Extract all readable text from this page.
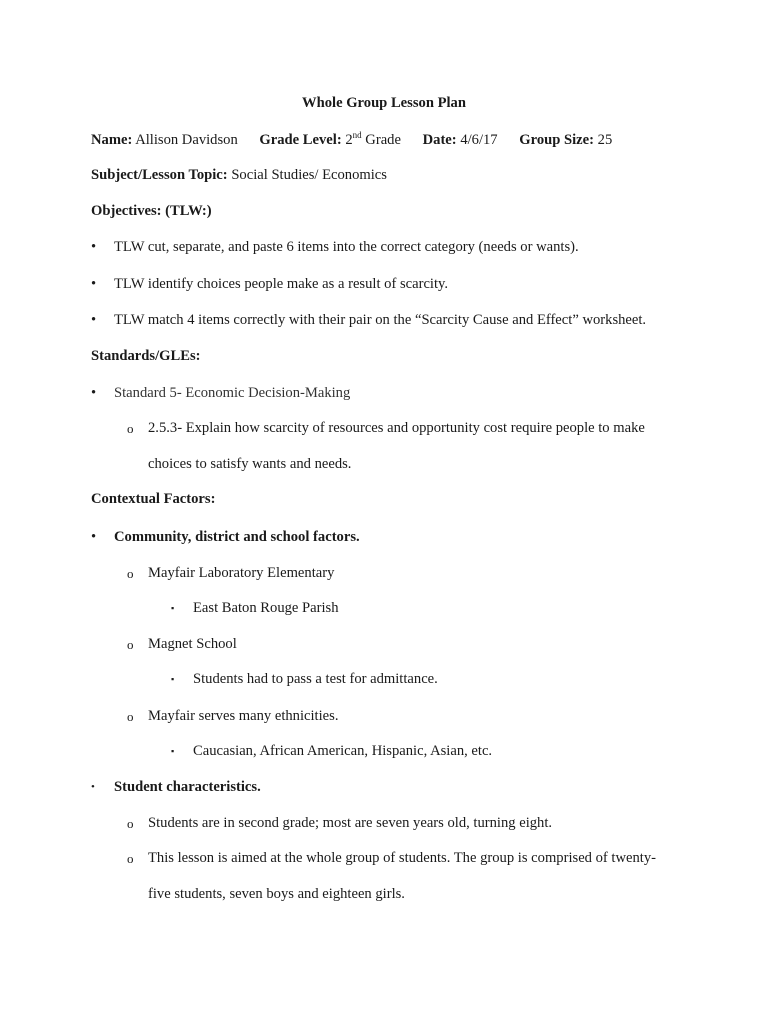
Whole Group Lesson Plan
Name: Allison Davidson Grade Level: 2nd Grade Date: 4/6/17 Group Size: 25
Subject/Lesson Topic: Social Studies/ Economics
Objectives: (TLW:)
• TLW cut, separate, and paste 6 items into the correct category (needs or wants).
• TLW identify choices people make as a result of scarcity.
• TLW match 4 items correctly with their pair on the “Scarcity Cause and Effect” worksheet.
Standards/GLEs:
• Standard 5- Economic Decision-Making
o 2.5.3- Explain how scarcity of resources and opportunity cost require people to make
choices to satisfy wants and needs.
Contextual Factors:
• Community, district and school factors.
o Mayfair Laboratory Elementary
▪ East Baton Rouge Parish
o Magnet School
▪ Students had to pass a test for admittance.
o Mayfair serves many ethnicities.
▪ Caucasian, African American, Hispanic, Asian, etc.
• Student characteristics.
o Students are in second grade; most are seven years old, turning eight.
o This lesson is aimed at the whole group of students. The group is comprised of twenty-
five students, seven boys and eighteen girls.
